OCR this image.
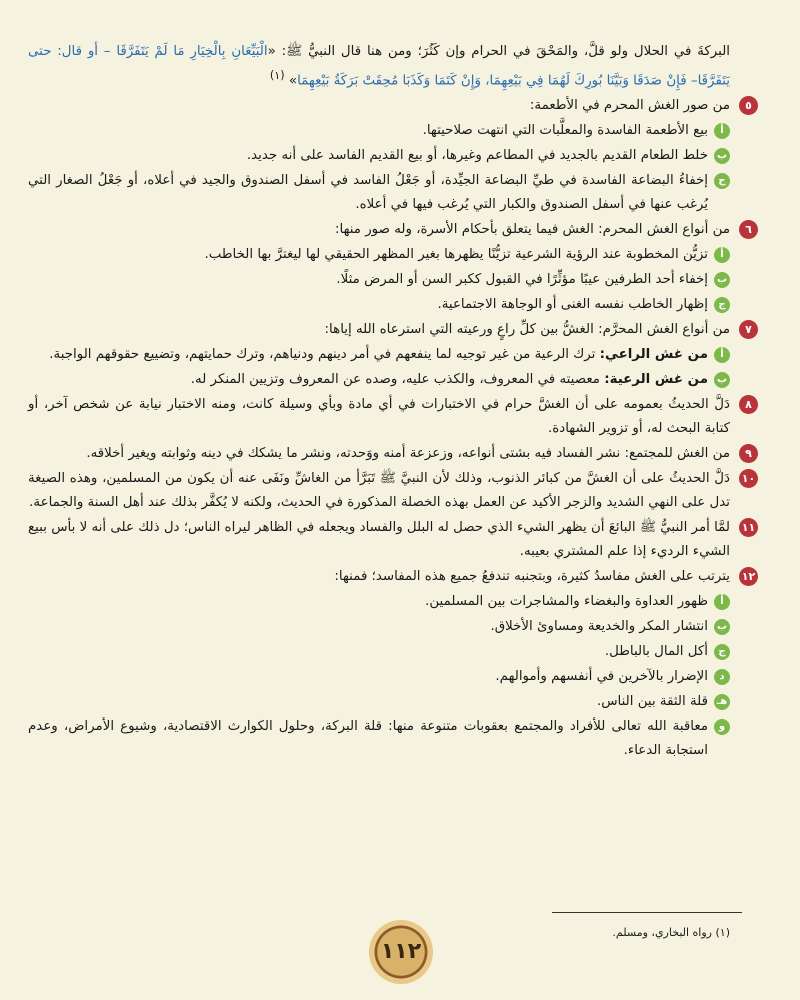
البركةَ في الحلال ولو قلَّ، والمَحْقَ في الحرام وإن كَثُرَ؛ ومن هنا قال النبيُّ ﷺ: «الْبَيِّعَانِ بِالْخِيَارِ مَا لَمْ يَتَفَرَّقَا – أو قال: حتى يَتَفَرَّقَا– فَإِنْ صَدَقَا وَبَيَّنَا بُورِكَ لَهُمَا فِي بَيْعِهِمَا، وَإِنْ كَتَمَا وَكَذَبَا مُحِقَتْ بَرَكَةُ بَيْعِهِمَا» $^{(١)}$

٥
من صور الغش المحرم في الأطعمة:
أ
بيع الأطعمة الفاسدة والمعلَّبات التي انتهت صلاحيتها.
ب
خلط الطعام القديم بالجديد في المطاعم وغيرها، أو بيع القديم الفاسد على أنه جديد.
ج
إخفاءُ البضاعة الفاسدة في طيِّ البضاعة الجيِّدة، أو جَعْلُ الفاسد في أسفل الصندوق والجيد في أعلاه، أو جَعْلُ الصغار التي يُرغب عنها في أسفل الصندوق والكبار التي يُرغب فيها في أعلاه.
٦
من أنواع الغش المحرم: الغش فيما يتعلق بأحكام الأسرة، وله صور منها:
أ
تزيُّن المخطوبة عند الرؤية الشرعية تزيُّنًا يظهرها بغير المظهر الحقيقي لها ليغترَّ بها الخاطب.
ب
إخفاء أحد الطرفين عيبًا مؤثِّرًا في القبول ككبر السن أو المرض مثلًا.
ج
إظهار الخاطب نفسه الغنى أو الوجاهة الاجتماعية.
٧
من أنواع الغش المحرَّم: الغشُّ بين كلِّ راعٍ ورعيته التي استرعاه الله إياها:
أ
من غش الراعي: ترك الرعية من غير توجيه لما ينفعهم في أمر دينهم ودنياهم، وترك حمايتهم، وتضييع حقوقهم الواجبة.
ب
من غش الرعية: معصيته في المعروف، والكذب عليه، وصده عن المعروف وتزيين المنكر له.
٨
دَلَّ الحديثُ بعمومه على أن الغشَّ حرام في الاختبارات في أي مادة وبأي وسيلة كانت، ومنه الاختبار نيابة عن شخص آخر، أو كتابة البحث له، أو تزوير الشهادة.
٩
من الغش للمجتمع: نشر الفساد فيه بشتى أنواعه، وزعزعة أمنه ووَحدته، ونشر ما يشكك في دينه وثوابته ويغير أخلاقه.
١٠
دَلَّ الحديثُ على أن الغشَّ من كبائر الذنوب، وذلك لأن النبيَّ ﷺ تَبَرَّأ من الغاشِّ ونَفَى عنه أن يكون من المسلمين، وهذه الصيغة تدل على النهي الشديد والزجر الأكيد عن العمل بهذه الخصلة المذكورة في الحديث، ولكنه لا يُكفَّر بذلك عند أهل السنة والجماعة.
١١
لمَّا أمر النبيُّ ﷺ البائعَ أن يظهر الشيء الذي حصل له البلل والفساد ويجعله في الظاهر ليراه الناس؛ دل ذلك على أنه لا بأس ببيع الشيء الرديء إذا علم المشتري بعيبه.
١٢
يترتب على الغش مفاسدُ كثيرة، وبتجنبه تندفعُ جميع هذه المفاسد؛ فمنها:
أ
ظهور العداوة والبغضاء والمشاجرات بين المسلمين.
ب
انتشار المكر والخديعة ومساوئ الأخلاق.
ج
أكل المال بالباطل.
د
الإضرار بالآخرين في أنفسهم وأموالهم.
هـ
قلة الثقة بين الناس.
و
معاقبة الله تعالى للأفراد والمجتمع بعقوبات متنوعة منها: قلة البركة، وحلول الكوارث الاقتصادية، وشيوع الأمراض، وعدم استجابة الدعاء.
(١) رواه البخاري، ومسلم.
١١٢
